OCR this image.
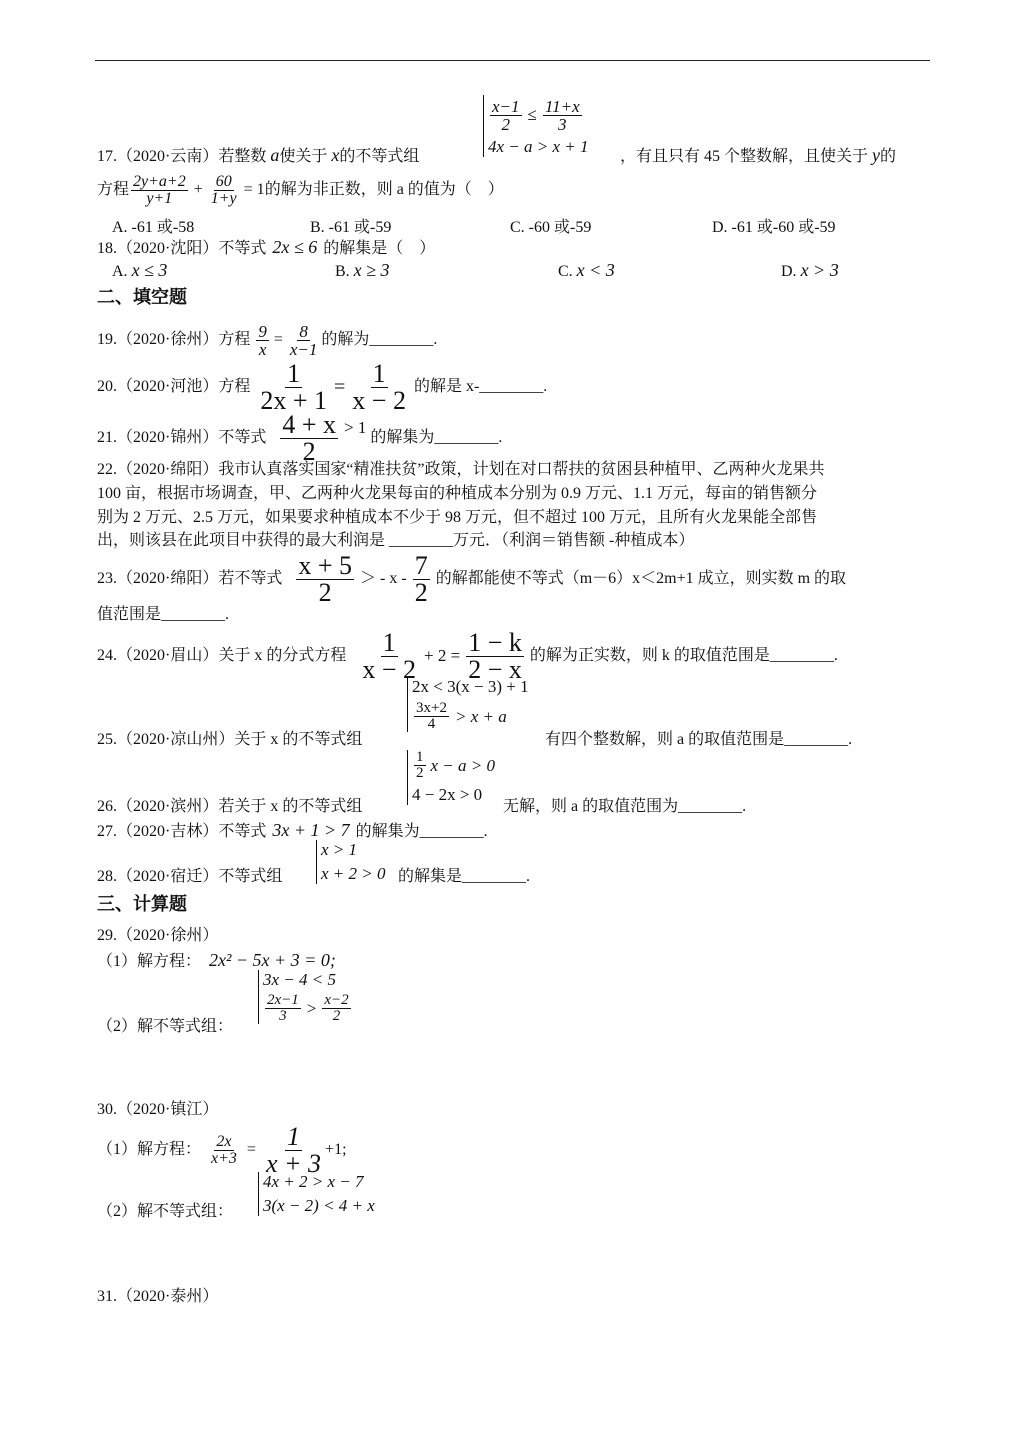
$\frac{x-1}{2} \le \frac{11+x}{3}$
4x − a > x + 1
17.（2020·云南）若整数 a使关于 x的不等式组	，有且只有 45 个整数解，且使关于 y的
方程 $\frac{2y+a+2}{y+1} + \frac{60}{1+y} = 1$ 的解为非正数，则 a 的值为（　）
A. -61 或-58	B. -61 或-59	C. -60 或-59	D. -61 或-60 或-59
18.（2020·沈阳）不等式 2x ≤ 6 的解集是（　）
A. x ≤ 3	B. x ≥ 3	C. x < 3	D. x > 3
二、填空题
19.（2020·徐州）方程 $\frac{9}{x} = \frac{8}{x-1}$ 的解为________.
20.（2020·河池）方程 $\frac{1}{2x + 1} = \frac{1}{x - 2}$ 的解是 x-________.
21.（2020·锦州）不等式 $\frac{4 + x}{2} > 1$
的解集为________.
22.（2020·绵阳）我市认真落实国家“精准扶贫”政策，计划在对口帮扶的贫困县种植甲、乙两种火龙果共
100 亩，根据市场调查，甲、乙两种火龙果每亩的种植成本分别为 0.9 万元、1.1 万元，每亩的销售额分
别为 2 万元、2.5 万元，如果要求种植成本不少于 98 万元，但不超过 100 万元，且所有火龙果能全部售
出，则该县在此项目中获得的最大利润是 ________万元．（利润＝销售额 -种植成本）
23.（2020·绵阳）若不等式 $\frac{x + 5}{2}$ ＞ - x - $\frac{7}{2}$ 的解都能使不等式（m－6）x＜2m+1 成立，则实数 m 的取
值范围是________.
24.（2020·眉山）关于 x 的分式方程 $\frac{1}{x - 2} + 2 = \frac{1 - k}{2 - x}$ 的解为正实数，则 k 的取值范围是________.
2x < 3(x − 3) + 1
$\frac{3x+2}{4} > x + a$
25.（2020·凉山州）关于 x 的不等式组	有四个整数解，则 a 的取值范围是________.
$\frac{1}{2}$ x − a > 0
4 − 2x > 0
26.（2020·滨州）若关于 x 的不等式组	无解，则 a 的取值范围为________.
27.（2020·吉林）不等式 3x + 1 > 7 的解集为________.
x > 1
x + 2 > 0
28.（2020·宿迁）不等式组	的解集是________.
三、计算题
29.（2020·徐州）
（1）解方程： 2x² − 5x + 3 = 0;
3x − 4 < 5
$\frac{2x-1}{3} > \frac{x-2}{2}$
（2）解不等式组：
30.（2020·镇江）
（1）解方程： $\frac{2x}{x+3} = \frac{1}{x + 3} +1$;
4x + 2 > x − 7
3(x − 2) < 4 + x
（2）解不等式组：
31.（2020·泰州）
